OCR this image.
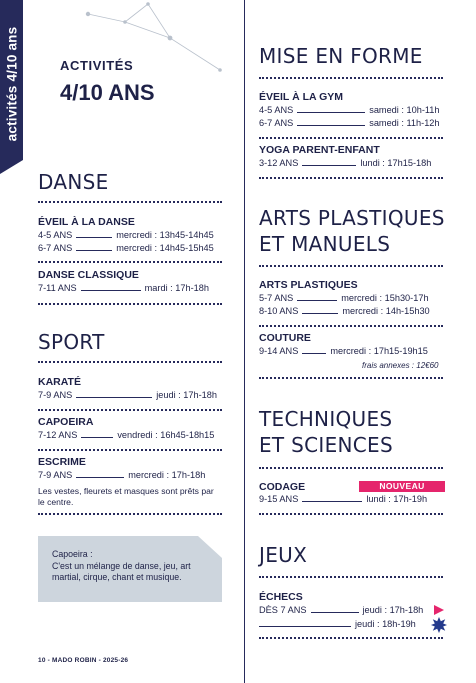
activités 4/10 ans	ACTIVITÉS
4/10 ANS
DANSE
ÉVEIL À LA DANSE
4-5 ANS	mercredi : 13h45-14h45
6-7 ANS	mercredi : 14h45-15h45
DANSE CLASSIQUE
7-11 ANS	mardi : 17h-18h
SPORT
KARATÉ
7-9 ANS	jeudi : 17h-18h
CAPOEIRA
7-12 ANS	vendredi : 16h45-18h15
ESCRIME
7-9 ANS	mercredi : 17h-18h
Les vestes, fleurets et masques sont prêts par le centre.
Capoeira :
C'est un mélange de danse, jeu, art martial, cirque, chant et musique.
10 - MADO ROBIN - 2025-26
MISE EN FORME
ÉVEIL À LA GYM
4-5 ANS	samedi : 10h-11h
6-7 ANS	samedi : 11h-12h
YOGA PARENT-ENFANT
3-12 ANS	lundi : 17h15-18h
ARTS PLASTIQUES
ET MANUELS
ARTS PLASTIQUES
5-7 ANS	mercredi : 15h30-17h
8-10 ANS	mercredi : 14h-15h30
COUTURE
9-14 ANS	mercredi : 17h15-19h15
frais annexes : 12€60
TECHNIQUES
ET SCIENCES
CODAGE	NOUVEAU
9-15 ANS	lundi : 17h-19h
JEUX
ÉCHECS
DÈS 7 ANS	jeudi : 17h-18h
jeudi : 18h-19h
